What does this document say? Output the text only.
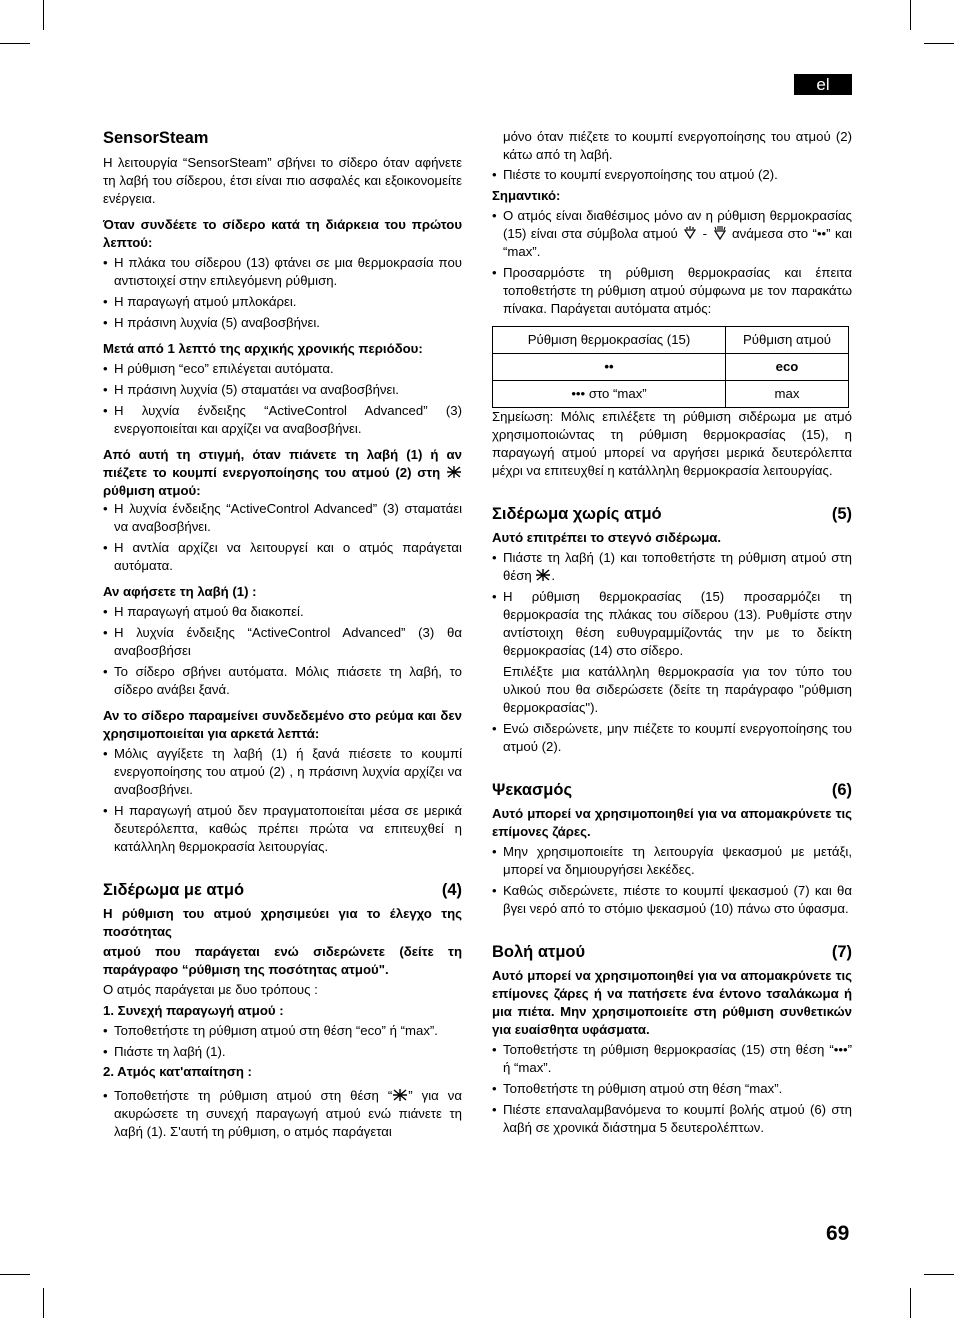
el
SensorSteam

Η λειτουργία “SensorSteam” σβήνει το σίδερο όταν αφήνετε τη λαβή του σίδερου, έτσι είναι πιο ασφαλές και εξοικονομείτε ενέργεια.

Όταν συνδέετε το σίδερο κατά τη διάρκεια του πρώτου λεπτού:

• Η πλάκα του σίδερου (13) φτάνει σε μια θερμοκρασία που αντιστοιχεί στην επιλεγόμενη ρύθμιση.
• Η παραγωγή ατμού μπλοκάρει.
• Η πράσινη λυχνία (5) αναβοσβήνει.

Μετά από 1 λεπτό της αρχικής χρονικής περιόδου:

• Η ρύθμιση “eco” επιλέγεται αυτόματα.
• Η πράσινη λυχνία (5) σταματάει να αναβοσβήνει.
• Η λυχνία ένδειξης “ActiveControl Advanced” (3) ενεργοποιείται και αρχίζει να αναβοσβήνει.

Από αυτή τη στιγμή, όταν πιάνετε τη λαβή (1) ή αν πιέζετε το κουμπί ενεργοποίησης του ατμού (2) στη  ρύθμιση ατμού:

• Η λυχνία ένδειξης “ActiveControl Advanced” (3) σταματάει να αναβοσβήνει.
• Η αντλία αρχίζει να λειτουργεί και ο ατμός παράγεται αυτόματα.

Αν αφήσετε τη λαβή (1) :

• Η παραγωγή ατμού θα διακοπεί.
• Η λυχνία ένδειξης “ActiveControl Advanced” (3) θα αναβοσβήσει
• Το σίδερο σβήνει αυτόματα. Μόλις πιάσετε τη λαβή, το σίδερο ανάβει ξανά.

Αν το σίδερο παραμείνει συνδεδεμένο στο ρεύμα και δεν χρησιμοποιείται για αρκετά λεπτά:

• Μόλις αγγίξετε τη λαβή (1) ή ξανά πιέσετε το κουμπί ενεργοποίησης του ατμού (2) , η πράσινη λυχνία αρχίζει να αναβοσβήνει.
• Η παραγωγή ατμού δεν πραγματοποιείται μέσα σε μερικά δευτερόλεπτα, καθώς πρέπει πρώτα να επιτευχθεί η κατάλληλη θερμοκρασία λειτουργίας.
Σιδέρωμα με ατμό	(4)

Η ρύθμιση του ατμού χρησιμεύει για το έλεγχο της ποσότητας

ατμού που παράγεται ενώ σιδερώνετε (δείτε τη παράγραφο “ρύθμιση της ποσότητας ατμού".

Ο ατμός παράγεται με δυο τρόπους :

1. Συνεχή παραγωγή ατμού :

• Τοποθετήστε τη ρύθμιση ατμού στη θέση “eco” ή “max”.
• Πιάστε τη λαβή (1).

2. Ατμός κατ'απαίτηση :

• Τοποθετήστε τη ρύθμιση ατμού στη θέση “ ” για να ακυρώσετε τη συνεχή παραγωγή ατμού ενώ πιάνετε τη λαβή (1). Σ'αυτή τη ρύθμιση, ο ατμός παράγεται

μόνο όταν πιέζετε το κουμπί ενεργοποίησης του ατμού (2) κάτω από τη λαβή.

• Πιέστε το κουμπί ενεργοποίησης του ατμού (2).

Σημαντικό:

• Ο ατμός είναι διαθέσιμος μόνο αν η ρύθμιση θερμοκρασίας (15) είναι στα σύμβολα ατμού - ανάμεσα στο “••” και “max”.
• Προσαρμόστε τη ρύθμιση θερμοκρασίας και έπειτα τοποθετήστε τη ρύθμιση ατμού σύμφωνα με τον παρακάτω πίνακα. Παράγεται αυτόματα ατμός:
Ρύθμιση θερμοκρασίας (15)	Ρύθμιση ατμού
••	eco
••• στο “max”	max

Σημείωση: Μόλις επιλέξετε τη ρύθμιση σιδέρωμα με ατμό χρησιμοποιώντας τη ρύθμιση θερμοκρασίας (15), η παραγωγή ατμού μπορεί να αργήσει μερικά δευτερόλεπτα μέχρι να επιτευχθεί η κατάλληλη θερμοκρασία λειτουργίας.

Σιδέρωμα χωρίς ατμό	(5)

Αυτό επιτρέπει το στεγνό σιδέρωμα.

• Πιάστε τη λαβή (1) και τοποθετήστε τη ρύθμιση ατμού στη θέση .
• Η ρύθμιση θερμοκρασίας (15) προσαρμόζει τη θερμοκρασία της πλάκας του σίδερου (13). Ρυθμίστε στην αντίστοιχη θέση ευθυγραμμίζοντάς την με το δείκτη θερμοκρασίας (14) στο σίδερο.

Επιλέξτε μια κατάλληλη θερμοκρασία για τον τύπο του υλικού που θα σιδερώσετε (δείτε τη παράγραφο "ρύθμιση θερμοκρασίας").

• Ενώ σιδερώνετε, μην πιέζετε το κουμπί ενεργοποίησης του ατμού (2).
Ψεκασμός	(6)

Αυτό μπορεί να χρησιμοποιηθεί για να απομακρύνετε τις επίμονες ζάρες.

• Μην χρησιμοποιείτε τη λειτουργία ψεκασμού με μετάξι, μπορεί να δημιουργήσει λεκέδες.
• Καθώς σιδερώνετε, πιέστε το κουμπί ψεκασμού (7) και θα βγει νερό από το στόμιο ψεκασμού (10) πάνω στο ύφασμα.
Βολή ατμού	(7)

Αυτό μπορεί να χρησιμοποιηθεί για να απομακρύνετε τις επίμονες ζάρες ή να πατήσετε ένα έντονο τσαλάκωμα ή μια πιέτα. Μην χρησιμοποιείτε στη ρύθμιση συνθετικών για ευαίσθητα υφάσματα.

• Τοποθετήστε τη ρύθμιση θερμοκρασίας (15) στη θέση “•••” ή “max”.
• Τοποθετήστε τη ρύθμιση ατμού στη θέση “max”.
• Πιέστε επαναλαμβανόμενα το κουμπί βολής ατμού (6) στη λαβή σε χρονικά διάστημα 5 δευτερολέπτων.
69
